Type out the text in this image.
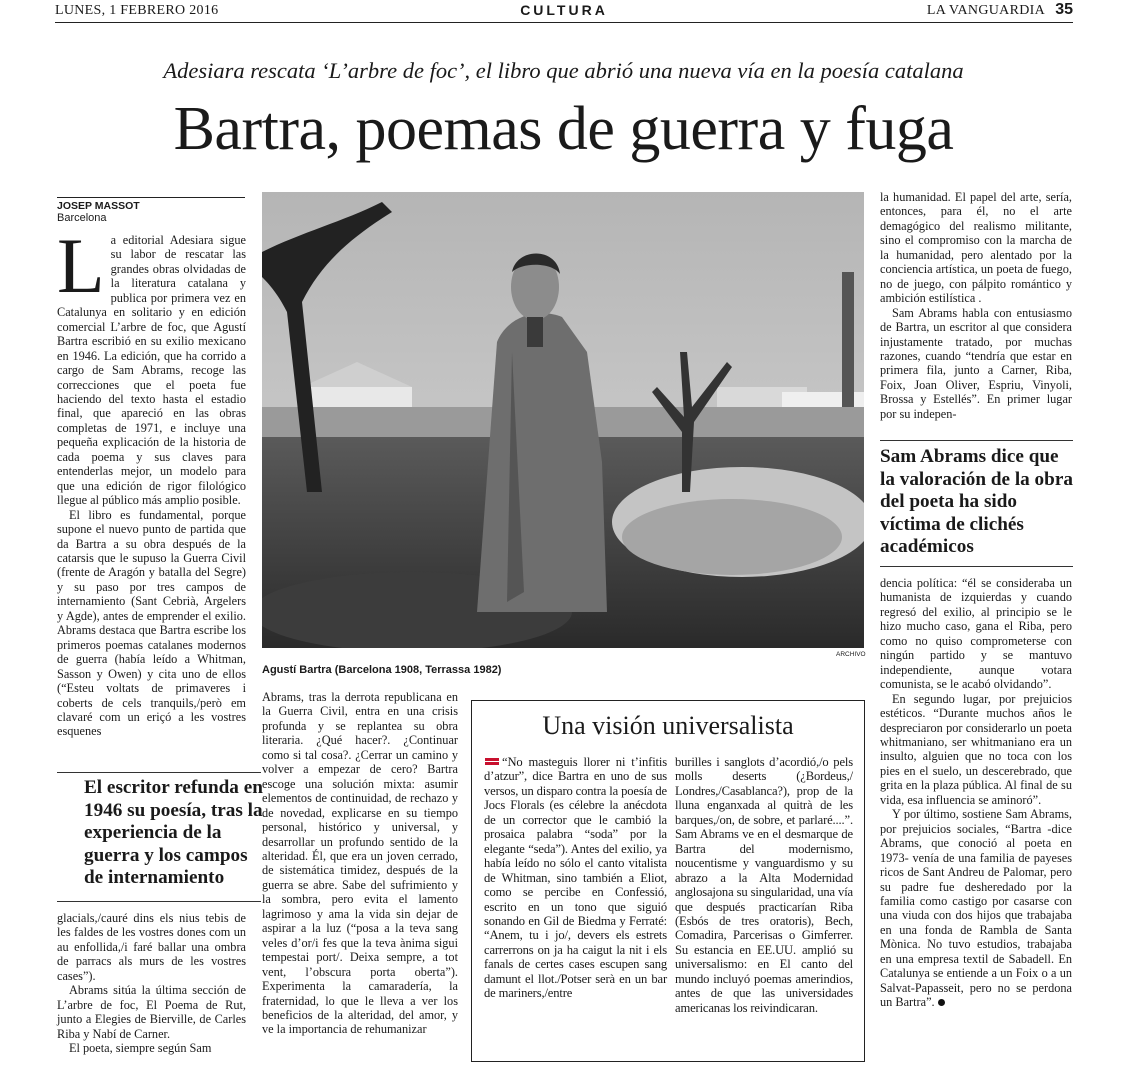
LUNES, 1 FEBRERO 2016	CULTURA	LA VANGUARDIA 35
Adesiara rescata ‘L’arbre de foc’, el libro que abrió una nueva vía en la poesía catalana
Bartra, poemas de guerra y fuga
JOSEP MASSOT
Barcelona

La editorial Adesiara sigue su labor de rescatar las grandes obras olvidadas de la literatura catalana y publica por primera vez en Catalunya en solitario y en edición comercial L’arbre de foc, que Agustí Bartra escribió en su exilio mexicano en 1946. La edición, que ha corrido a cargo de Sam Abrams, recoge las correcciones que el poeta fue haciendo del texto hasta el estadio final, que apareció en las obras completas de 1971, e incluye una pequeña explicación de la historia de cada poema y sus claves para entenderlas mejor, un modelo para que una edición de rigor filológico llegue al público más amplio posible.

El libro es fundamental, porque supone el nuevo punto de partida que da Bartra a su obra después de la catarsis que le supuso la Guerra Civil (frente de Aragón y batalla del Segre) y su paso por tres campos de internamiento (Sant Cebrià, Argelers y Agde), antes de emprender el exilio. Abrams destaca que Bartra escribe los primeros poemas catalanes modernos de guerra (había leído a Whitman, Sasson y Owen) y cita uno de ellos (“Esteu voltats de primaveres i coberts de cels tranquils,/però em clavaré com un eriçó a les vostres esquenes

El escritor refunda en 1946 su poesía, tras la experiencia de la guerra y los campos de internamiento

glacials,/cauré dins els nius tebis de les faldes de les vostres dones com un au enfollida,/i faré ballar una ombra de parracs als murs de les vostres cases”).

Abrams sitúa la última sección de L’arbre de foc, El Poema de Rut, junto a Elegies de Bierville, de Carles Riba y Nabí de Carner.

El poeta, siempre según Sam

ARCHIVO
Agustí Bartra (Barcelona 1908, Terrassa 1982)

Abrams, tras la derrota republicana en la Guerra Civil, entra en una crisis profunda y se replantea su obra literaria. ¿Qué hacer?. ¿Continuar como si tal cosa?. ¿Cerrar un camino y volver a empezar de cero? Bartra escoge una solución mixta: asumir elementos de continuidad, de rechazo y de novedad, explicarse en su tiempo personal, histórico y universal, y desarrollar un profundo sentido de la alteridad. Él, que era un joven cerrado, de sistemática timidez, después de la guerra se abre. Sabe del sufrimiento y la sombra, pero evita el lamento lagrimoso y ama la vida sin dejar de aspirar a la luz (“posa a la teva sang veles d’or/i fes que la teva ànima sigui tempestai port/. Deixa sempre, a tot vent, l’obscura porta oberta”). Experimenta la camaradería, la fraternidad, lo que le lleva a ver los beneficios de la alteridad, del amor, y ve la importancia de rehumanizar

Una visión universalista
“No masteguis llorer ni t’infitis d’atzur”, dice Bartra en uno de sus versos, un disparo contra la poesía de Jocs Florals (es célebre la anécdota de un corrector que le cambió la prosaica palabra “soda” por la elegante “seda”). Antes del exilio, ya había leído no sólo el canto vitalista de Whitman, sino también a Eliot, como se percibe en Confessió, escrito en un tono que siguió sonando en Gil de Biedma y Ferraté: “Anem, tu i jo/, devers els estrets carrerrons on ja ha caigut la nit i els fanals de certes cases escupen sang damunt el llot./Potser serà en un bar de mariners,/entre
burilles i sanglots d’acordió,/o pels molls deserts (¿Bordeus,/ Londres,/Casablanca?), prop de la lluna enganxada al quitrà de les barques,/on, de sobre, et parlaré....”. Sam Abrams ve en el desmarque de Bartra del modernismo, noucentisme y vanguardismo y su abrazo a la Alta Modernidad anglosajona su singularidad, una vía que después practicarían Riba (Esbós de tres oratoris), Bech, Comadira, Parcerisas o Gimferrer. Su estancia en EE.UU. amplió su universalismo: en El canto del mundo incluyó poemas amerindios, antes de que las universidades americanas los reivindicaran.

la humanidad. El papel del arte, sería, entonces, para él, no el arte demagógico del realismo militante, sino el compromiso con la marcha de la humanidad, pero alentado por la conciencia artística, un poeta de fuego, no de juego, con pálpito romántico y ambición estilística .

Sam Abrams habla con entusiasmo de Bartra, un escritor al que considera injustamente tratado, por muchas razones, cuando “tendría que estar en primera fila, junto a Carner, Riba, Foix, Joan Oliver, Espriu, Vinyoli, Brossa y Estellés”. En primer lugar por su indepen-

Sam Abrams dice que la valoración de la obra del poeta ha sido víctima de clichés académicos

dencia política: “él se consideraba un humanista de izquierdas y cuando regresó del exilio, al principio se le hizo mucho caso, gana el Riba, pero como no quiso comprometerse con ningún partido y se mantuvo independiente, aunque votara comunista, se le acabó olvidando”.

En segundo lugar, por prejuicios estéticos. “Durante muchos años le despreciaron por considerarlo un poeta whitmaniano, ser whitmaniano era un insulto, alguien que no toca con los pies en el suelo, un descerebrado, que grita en la plaza pública. Al final de su vida, esa influencia se aminoró”.

Y por último, sostiene Sam Abrams, por prejuicios sociales, “Bartra -dice Abrams, que conoció al poeta en 1973- venía de una familia de payeses ricos de Sant Andreu de Palomar, pero su padre fue desheredado por la familia como castigo por casarse con una viuda con dos hijos que trabajaba en una fonda de Rambla de Santa Mònica. No tuvo estudios, trabajaba en una empresa textil de Sabadell. En Catalunya se entiende a un Foix o a un Salvat-Papasseit, pero no se perdona un Bartra”.
